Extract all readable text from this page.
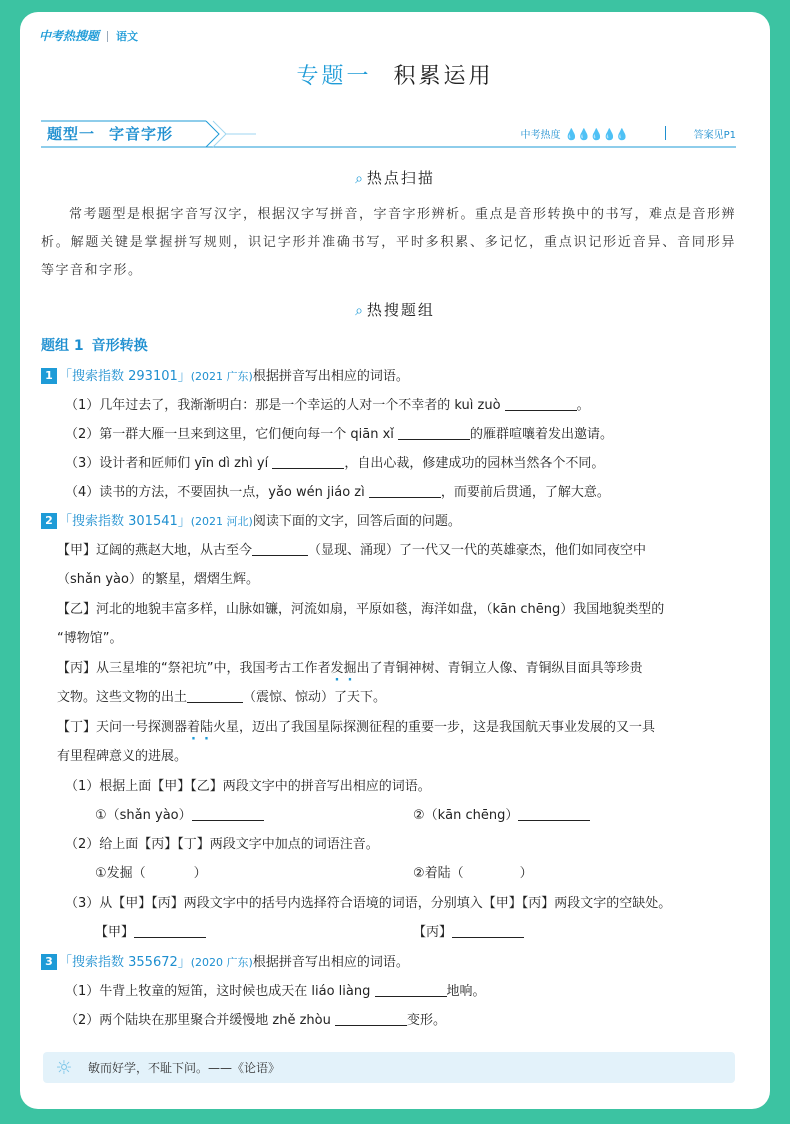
中考热搜题 语文
专题一 积累运用
题型一 字音字形	中考热度 💧💧💧💧💧	答案见P1
⌕ 热点扫描
常考题型是根据字音写汉字，根据汉字写拼音，字音字形辨析。重点是音形转换中的书写，难点是音形辨析。解题关键是掌握拼写规则，识记字形并准确书写，平时多积累、多记忆，重点识记形近音异、音同形异等字音和字形。
⌕ 热搜题组
题组 1 音形转换
1 「搜索指数 293101」(2021 广东)根据拼音写出相应的词语。
（1）几年过去了，我渐渐明白：那是一个幸运的人对一个不幸者的 kuì zuò	。
（2）第一群大雁一旦来到这里，它们便向每一个 qiān xǐ	的雁群喧嚷着发出邀请。
（3）设计者和匠师们 yīn dì zhì yí	，自出心裁，修建成功的园林当然各个不同。
（4）读书的方法，不要固执一点，yǎo wén jiáo zì	，而要前后贯通，了解大意。
2 「搜索指数 301541」(2021 河北)阅读下面的文字，回答后面的问题。
【甲】辽阔的燕赵大地，从古至今	（显现、涌现）了一代又一代的英雄豪杰，他们如同夜空中
（shǎn yào）的繁星，熠熠生辉。
【乙】河北的地貌丰富多样，山脉如镰，河流如扇，平原如毯，海洋如盘，（kān chēng）我国地貌类型的
“博物馆”。
【丙】从三星堆的“祭祀坑”中，我国考古工作者发掘出了青铜神树、青铜立人像、青铜纵目面具等珍贵
文物。这些文物的出土	（震惊、惊动）了天下。
【丁】天问一号探测器着陆火星，迈出了我国星际探测征程的重要一步，这是我国航天事业发展的又一具
有里程碑意义的进展。
（1）根据上面【甲】【乙】两段文字中的拼音写出相应的词语。
①（shǎn yào）	②（kān chēng）
（2）给上面【丙】【丁】两段文字中加点的词语注音。
①发掘（	）	②着陆（	）
（3）从【甲】【丙】两段文字中的括号内选择符合语境的词语，分别填入【甲】【丙】两段文字的空缺处。
【甲】	【丙】
3 「搜索指数 355672」(2020 广东)根据拼音写出相应的词语。
（1）牛背上牧童的短笛，这时候也成天在 liáo liàng	地响。
（2）两个陆块在那里聚合并缓慢地 zhě zhòu	变形。
☼ 敏而好学，不耻下问。——《论语》
